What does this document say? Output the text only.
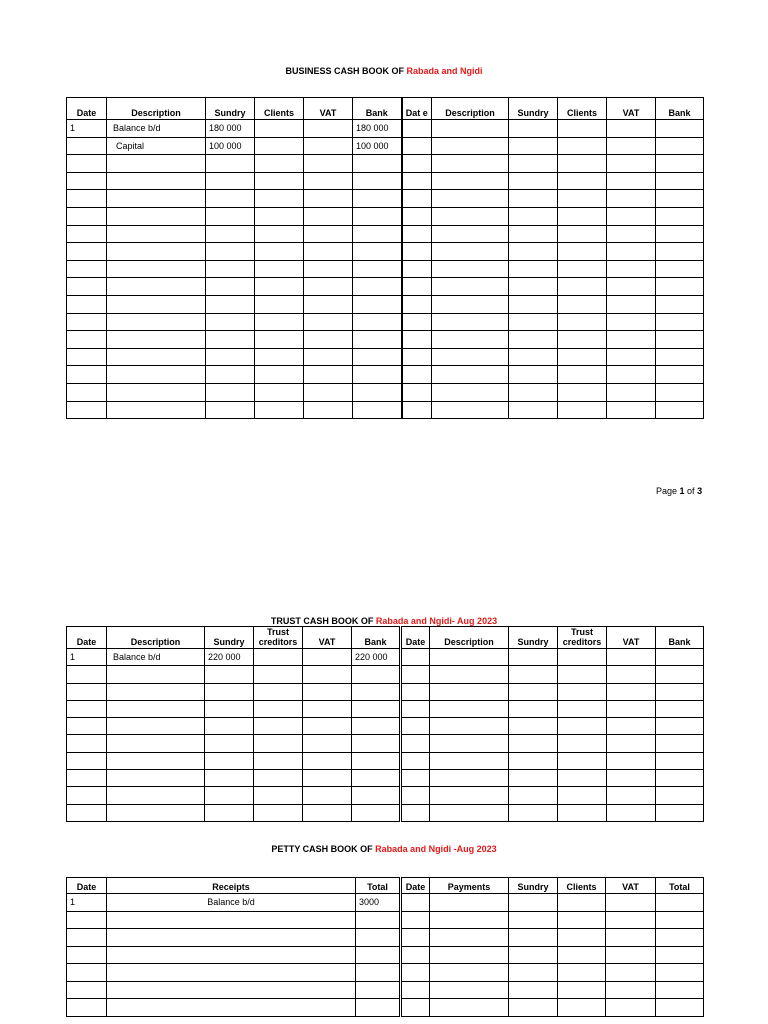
BUSINESS CASH BOOK OF Rabada and Ngidi
Date	Description	Sundry	Clients	VAT	Bank	Dat e	Description	Sundry	Clients	VAT	Bank
1	Balance b/d	180 000			180 000						
	Capital	100 000			100 000						

Page 1 of 3
TRUST CASH BOOK OF Rabada and Ngidi- Aug 2023
Date	Description	Sundry	Trust creditors	VAT	Bank	Date	Description	Sundry	Trust creditors	VAT	Bank
1	Balance b/d	220 000			220 000						

PETTY CASH BOOK OF Rabada and Ngidi -Aug 2023
Date	Receipts	Total	Date	Payments	Sundry	Clients	VAT	Total
1	Balance b/d	3000						
